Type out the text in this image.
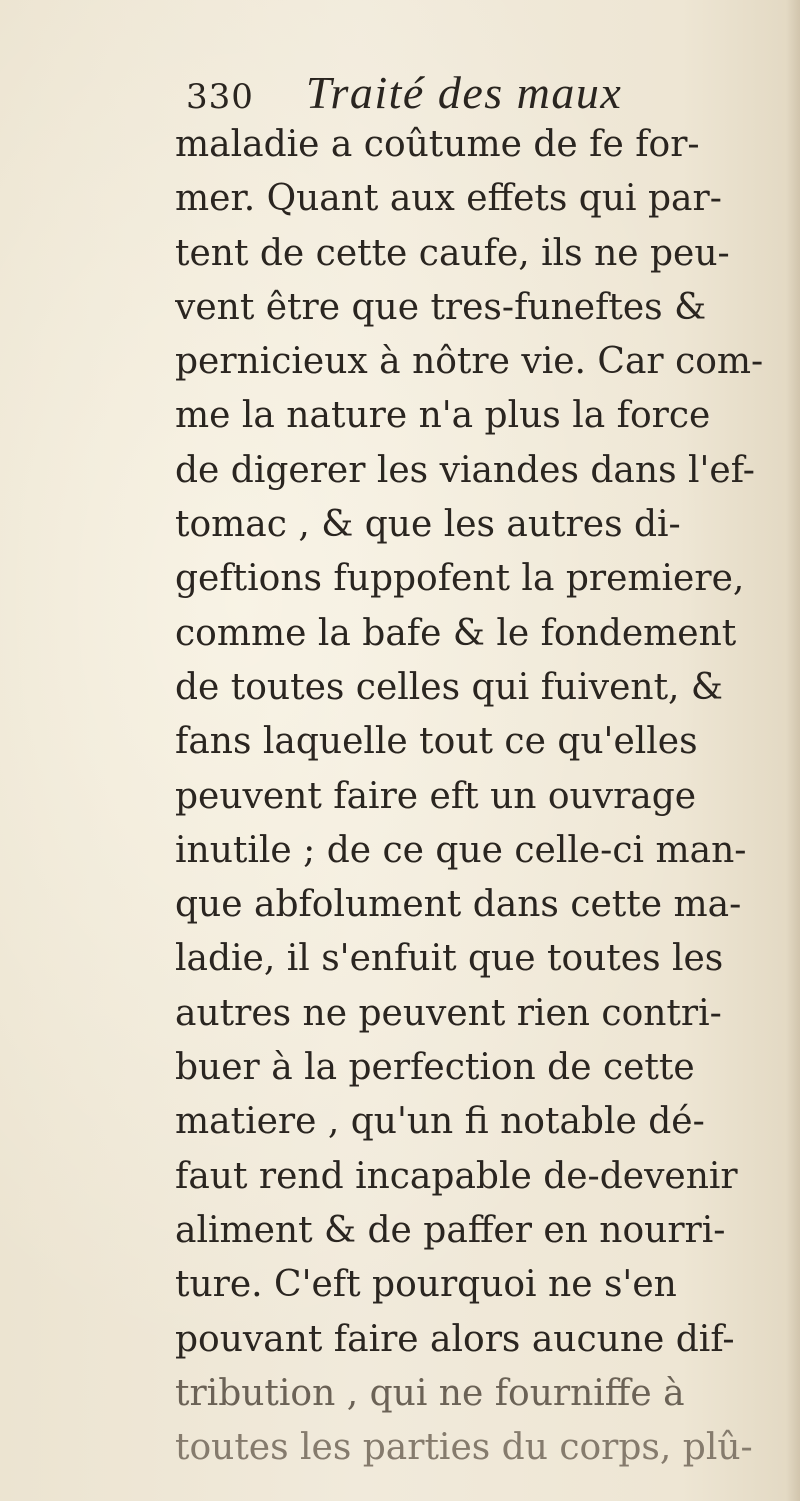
330 Traité des maux
maladie a coûtume de fe for-
mer. Quant aux effets qui par-
tent de cette caufe, ils ne peu-
vent être que tres-funeftes &
pernicieux à nôtre vie. Car com-
me la nature n'a plus la force
de digerer les viandes dans l'ef-
tomac , & que les autres di-
geftions fuppofent la premiere,
comme la bafe & le fondement
de toutes celles qui fuivent, &
fans laquelle tout ce qu'elles
peuvent faire eft un ouvrage
inutile ; de ce que celle-ci man-
que abfolument dans cette ma-
ladie, il s'enfuit que toutes les
autres ne peuvent rien contri-
buer à la perfection de cette
matiere , qu'un fi notable dé-
faut rend incapable de-devenir
aliment & de paffer en nourri-
ture. C'eft pourquoi ne s'en
pouvant faire alors aucune dif-
tribution , qui ne fourniffe à
toutes les parties du corps, plû-
